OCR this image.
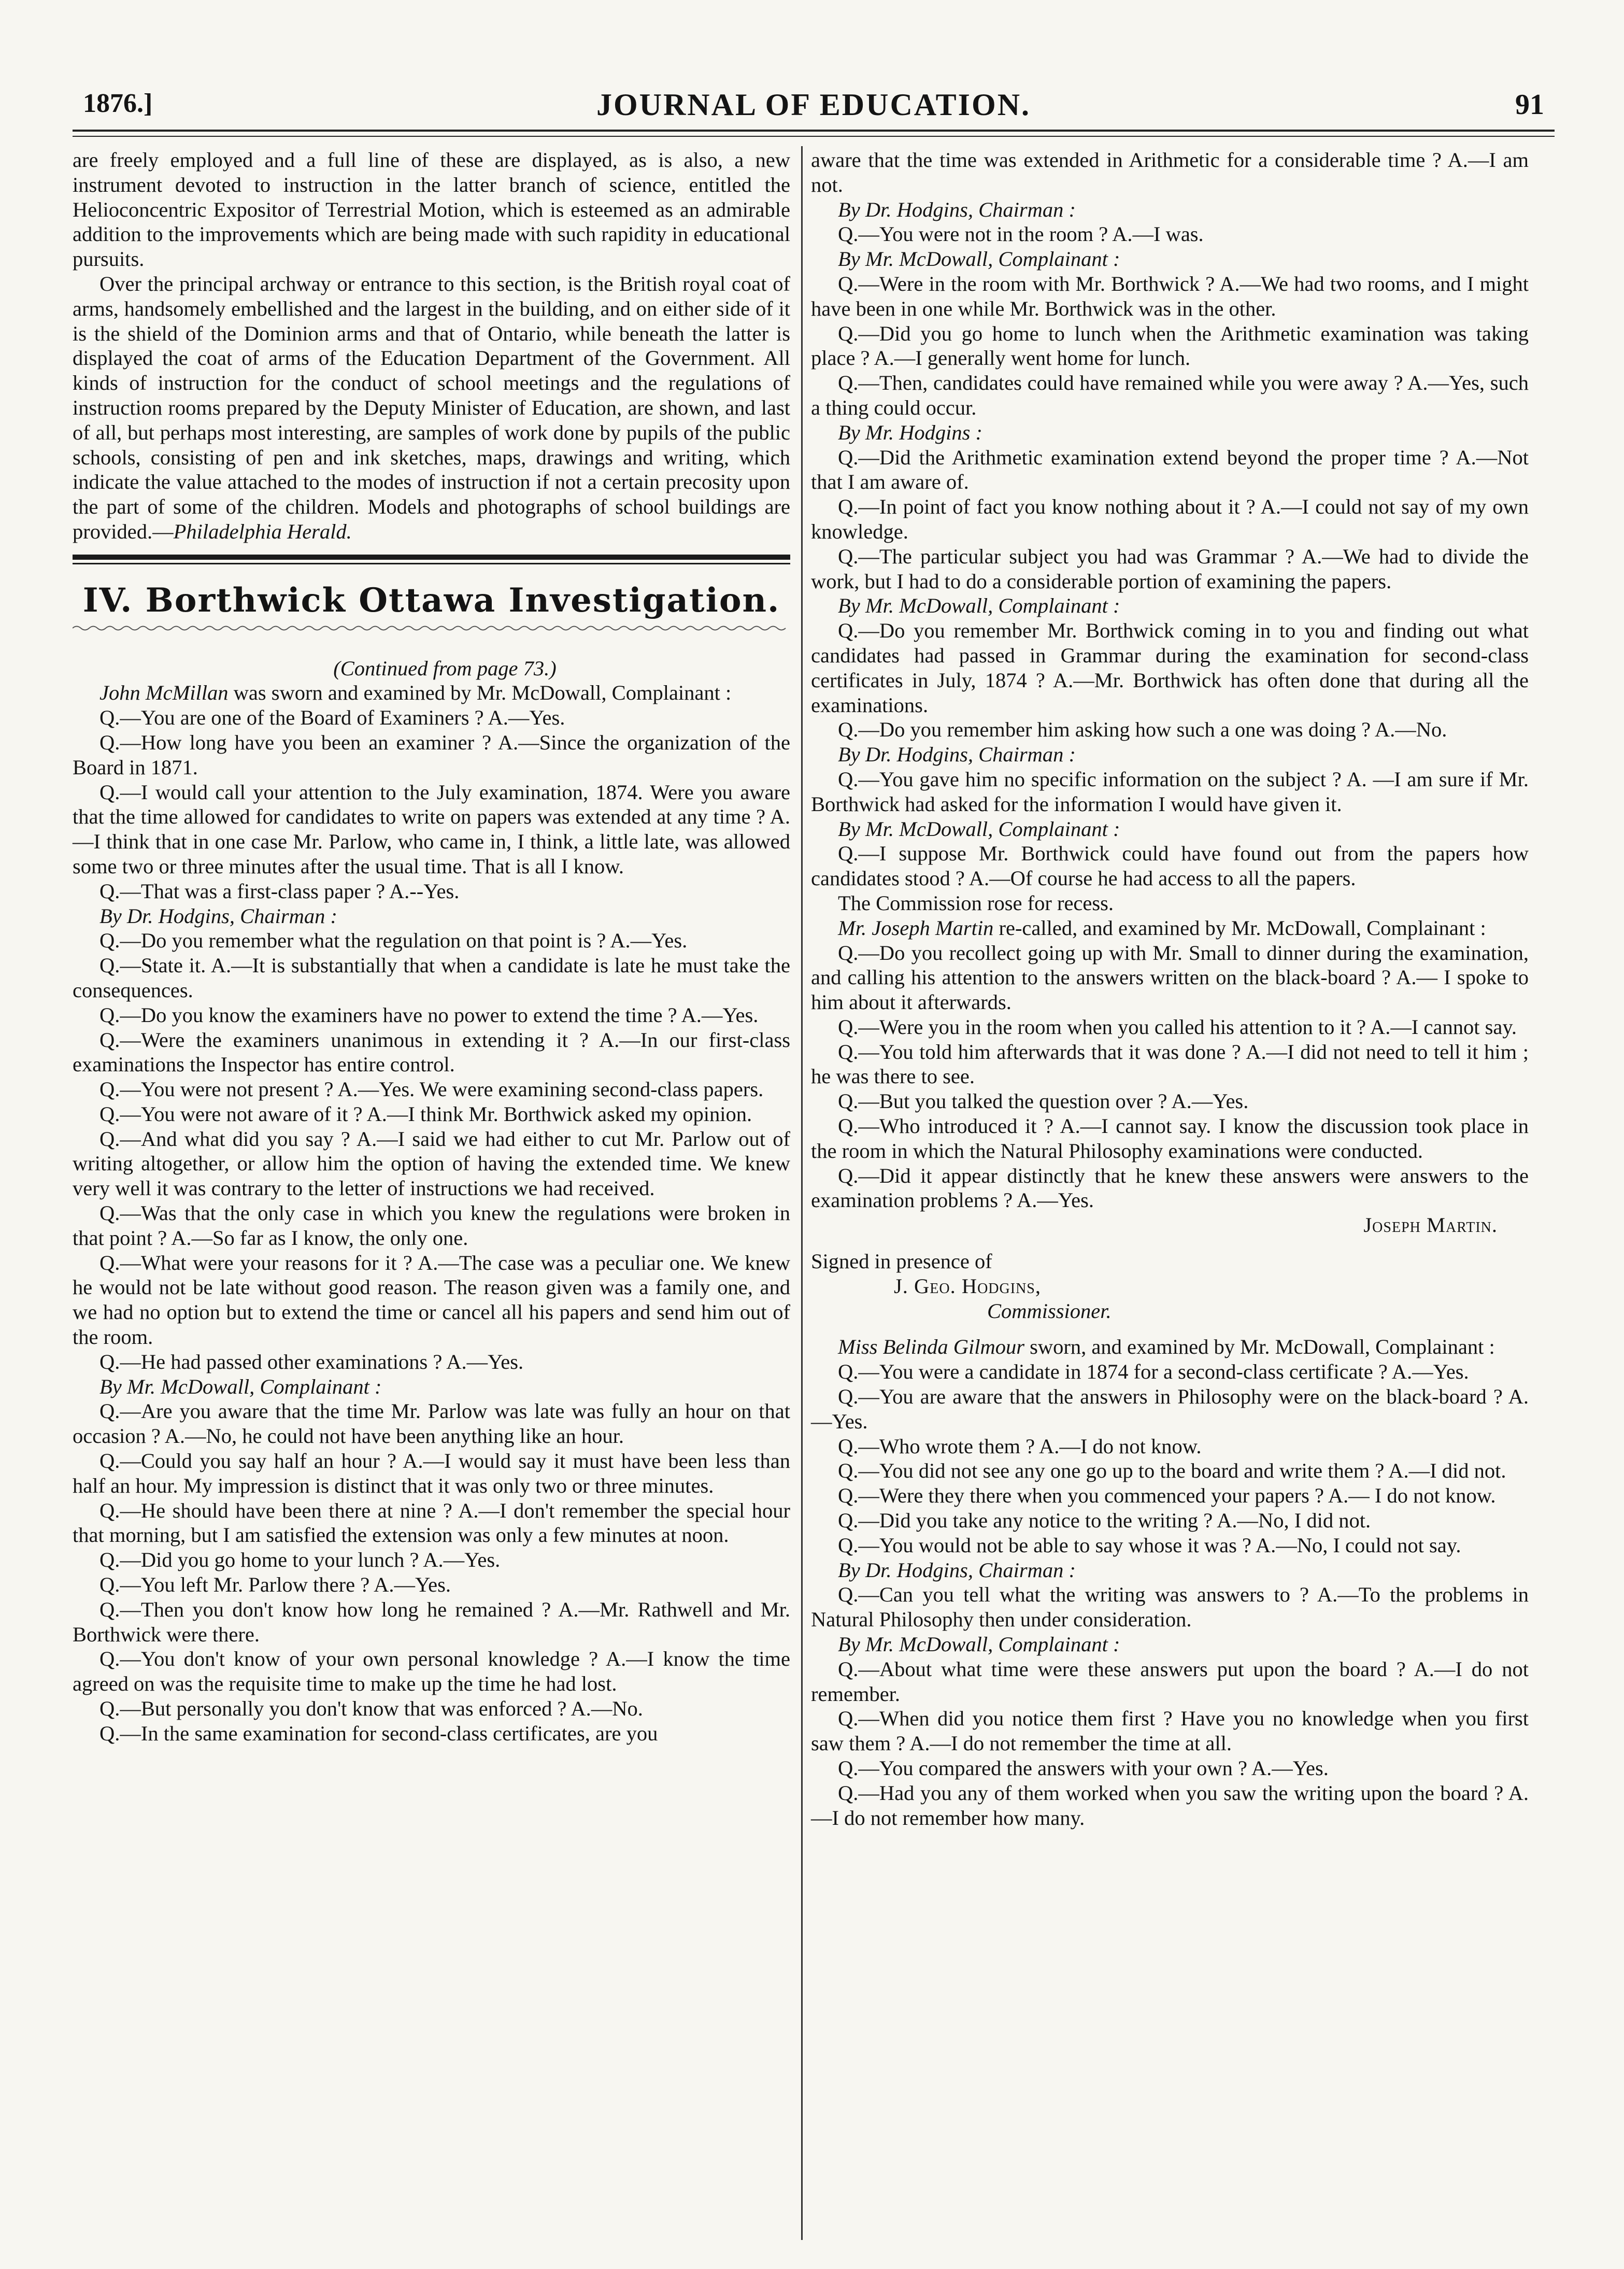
1876.]	JOURNAL OF EDUCATION.	91

are freely employed and a full line of these are displayed, as is also, a new instrument devoted to instruction in the latter branch of science, entitled the Helioconcentric Expositor of Terrestrial Motion, which is esteemed as an admirable addition to the improvements which are being made with such rapidity in educational pursuits.

Over the principal archway or entrance to this section, is the British royal coat of arms, handsomely embellished and the largest in the building, and on either side of it is the shield of the Dominion arms and that of Ontario, while beneath the latter is displayed the coat of arms of the Education Department of the Government. All kinds of instruction for the conduct of school meetings and the regulations of instruction rooms prepared by the Deputy Minister of Education, are shown, and last of all, but perhaps most interesting, are samples of work done by pupils of the public schools, consisting of pen and ink sketches, maps, drawings and writing, which indicate the value attached to the modes of instruction if not a certain precosity upon the part of some of the children. Models and photographs of school buildings are provided.—Philadelphia Herald.

IV. Borthwick Ottawa Investigation.

(Continued from page 73.)

John McMillan was sworn and examined by Mr. McDowall, Complainant :

Q.—You are one of the Board of Examiners ? A.—Yes.

Q.—How long have you been an examiner ? A.—Since the organization of the Board in 1871.

Q.—I would call your attention to the July examination, 1874. Were you aware that the time allowed for candidates to write on papers was extended at any time ? A.—I think that in one case Mr. Parlow, who came in, I think, a little late, was allowed some two or three minutes after the usual time. That is all I know.

Q.—That was a first-class paper ? A.--Yes.

By Dr. Hodgins, Chairman :

Q.—Do you remember what the regulation on that point is ? A.—Yes.

Q.—State it. A.—It is substantially that when a candidate is late he must take the consequences.

Q.—Do you know the examiners have no power to extend the time ? A.—Yes.

Q.—Were the examiners unanimous in extending it ? A.—In our first-class examinations the Inspector has entire control.

Q.—You were not present ? A.—Yes. We were examining second-class papers.

Q.—You were not aware of it ? A.—I think Mr. Borthwick asked my opinion.

Q.—And what did you say ? A.—I said we had either to cut Mr. Parlow out of writing altogether, or allow him the option of having the extended time. We knew very well it was contrary to the letter of instructions we had received.

Q.—Was that the only case in which you knew the regulations were broken in that point ? A.—So far as I know, the only one.

Q.—What were your reasons for it ? A.—The case was a peculiar one. We knew he would not be late without good reason. The reason given was a family one, and we had no option but to extend the time or cancel all his papers and send him out of the room.

Q.—He had passed other examinations ? A.—Yes.

By Mr. McDowall, Complainant :

Q.—Are you aware that the time Mr. Parlow was late was fully an hour on that occasion ? A.—No, he could not have been anything like an hour.

Q.—Could you say half an hour ? A.—I would say it must have been less than half an hour. My impression is distinct that it was only two or three minutes.

Q.—He should have been there at nine ? A.—I don't remember the special hour that morning, but I am satisfied the extension was only a few minutes at noon.

Q.—Did you go home to your lunch ? A.—Yes.

Q.—You left Mr. Parlow there ? A.—Yes.

Q.—Then you don't know how long he remained ? A.—Mr. Rathwell and Mr. Borthwick were there.

Q.—You don't know of your own personal knowledge ? A.—I know the time agreed on was the requisite time to make up the time he had lost.

Q.—But personally you don't know that was enforced ? A.—No.

Q.—In the same examination for second-class certificates, are you

aware that the time was extended in Arithmetic for a considerable time ? A.—I am not.

By Dr. Hodgins, Chairman :

Q.—You were not in the room ? A.—I was.

By Mr. McDowall, Complainant :

Q.—Were in the room with Mr. Borthwick ? A.—We had two rooms, and I might have been in one while Mr. Borthwick was in the other.

Q.—Did you go home to lunch when the Arithmetic examination was taking place ? A.—I generally went home for lunch.

Q.—Then, candidates could have remained while you were away ? A.—Yes, such a thing could occur.

By Mr. Hodgins :

Q.—Did the Arithmetic examination extend beyond the proper time ? A.—Not that I am aware of.

Q.—In point of fact you know nothing about it ? A.—I could not say of my own knowledge.

Q.—The particular subject you had was Grammar ? A.—We had to divide the work, but I had to do a considerable portion of examining the papers.

By Mr. McDowall, Complainant :

Q.—Do you remember Mr. Borthwick coming in to you and finding out what candidates had passed in Grammar during the examination for second-class certificates in July, 1874 ? A.—Mr. Borthwick has often done that during all the examinations.

Q.—Do you remember him asking how such a one was doing ? A.—No.

By Dr. Hodgins, Chairman :

Q.—You gave him no specific information on the subject ? A. —I am sure if Mr. Borthwick had asked for the information I would have given it.

By Mr. McDowall, Complainant :

Q.—I suppose Mr. Borthwick could have found out from the papers how candidates stood ? A.—Of course he had access to all the papers.

The Commission rose for recess.

Mr. Joseph Martin re-called, and examined by Mr. McDowall, Complainant :

Q.—Do you recollect going up with Mr. Small to dinner during the examination, and calling his attention to the answers written on the black-board ? A.— I spoke to him about it afterwards.

Q.—Were you in the room when you called his attention to it ? A.—I cannot say.

Q.—You told him afterwards that it was done ? A.—I did not need to tell it him ; he was there to see.

Q.—But you talked the question over ? A.—Yes.

Q.—Who introduced it ? A.—I cannot say. I know the discussion took place in the room in which the Natural Philosophy examinations were conducted.

Q.—Did it appear distinctly that he knew these answers were answers to the examination problems ? A.—Yes.

Joseph Martin.

Signed in presence of

J. Geo. Hodgins,

Commissioner.

Miss Belinda Gilmour sworn, and examined by Mr. McDowall, Complainant :

Q.—You were a candidate in 1874 for a second-class certificate ? A.—Yes.

Q.—You are aware that the answers in Philosophy were on the black-board ? A.—Yes.

Q.—Who wrote them ? A.—I do not know.

Q.—You did not see any one go up to the board and write them ? A.—I did not.

Q.—Were they there when you commenced your papers ? A.— I do not know.

Q.—Did you take any notice to the writing ? A.—No, I did not.

Q.—You would not be able to say whose it was ? A.—No, I could not say.

By Dr. Hodgins, Chairman :

Q.—Can you tell what the writing was answers to ? A.—To the problems in Natural Philosophy then under consideration.

By Mr. McDowall, Complainant :

Q.—About what time were these answers put upon the board ? A.—I do not remember.

Q.—When did you notice them first ? Have you no knowledge when you first saw them ? A.—I do not remember the time at all.

Q.—You compared the answers with your own ? A.—Yes.

Q.—Had you any of them worked when you saw the writing upon the board ? A.—I do not remember how many.
